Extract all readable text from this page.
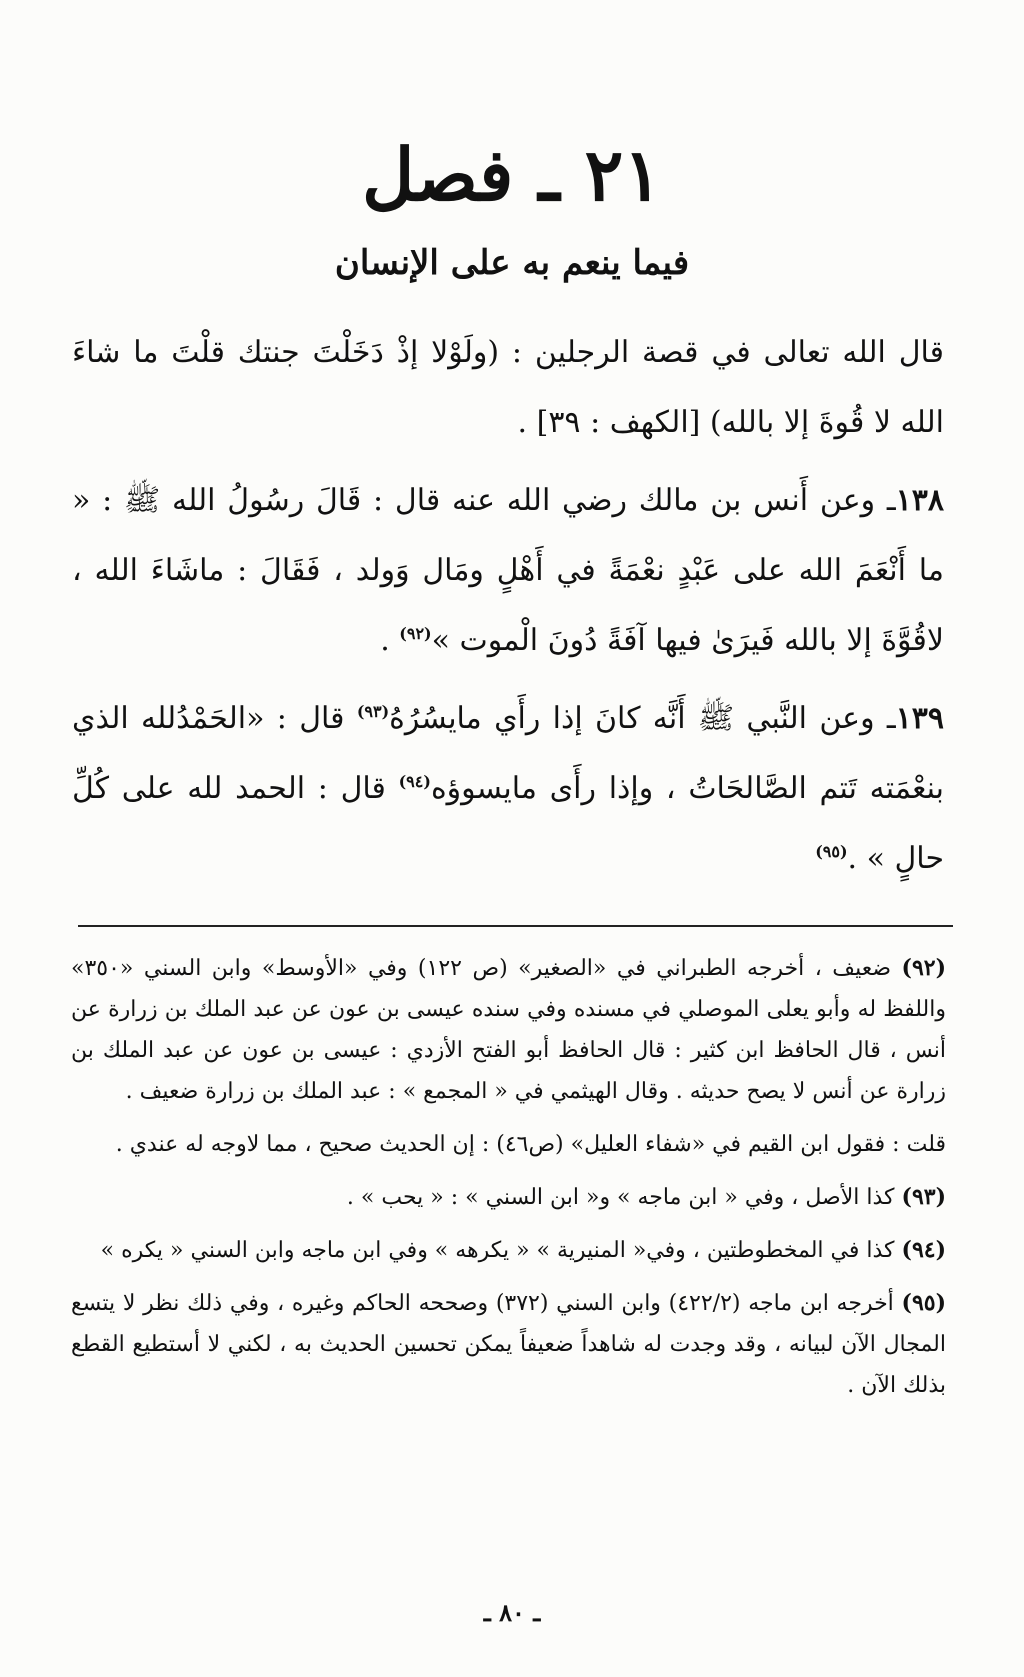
٢١ ـ فصل
فيما ينعم به على الإنسان

قال الله تعالى في قصة الرجلين : (ولَوْلا إذْ دَخَلْتَ جنتك قلْتَ ما شاءَ الله لا قُوةَ إلا بالله) [الكهف : ٣٩] .

١٣٨ـ وعن أَنس بن مالك رضي الله عنه قال : قَالَ رسُولُ الله ﷺ : « ما أَنْعَمَ الله على عَبْدٍ نعْمَةً في أَهْلٍ ومَال وَولد ، فَقَالَ : ماشَاءَ الله ، لاقُوَّةَ إلا بالله فَيرَىٰ فيها آفَةً دُونَ الْموت »$^{(٩٢)}$ .

١٣٩ـ وعن النَّبي ﷺ أَنَّه كانَ إذا رأَي مايسُرُهُ$^{(٩٣)}$ قال : «الحَمْدُلله الذي بنعْمَته تَتم الصَّالحَاتُ ، وإذا رأَى مايسوؤه$^{(٩٤)}$ قال : الحمد لله على كُلِّ حالٍ » .$^{(٩٥)}$

(٩٢) ضعيف ، أخرجه الطبراني في «الصغير» (ص ١٢٢) وفي «الأوسط» وابن السني «٣٥٠» واللفظ له وأبو يعلى الموصلي في مسنده وفي سنده عيسى بن عون عن عبد الملك بن زرارة عن أنس ، قال الحافظ ابن كثير : قال الحافظ أبو الفتح الأزدي : عيسى بن عون عن عبد الملك بن زرارة عن أنس لا يصح حديثه . وقال الهيثمي في « المجمع » : عبد الملك بن زرارة ضعيف .

قلت : فقول ابن القيم في «شفاء العليل» (ص٤٦) : إن الحديث صحيح ، مما لاوجه له عندي .

(٩٣) كذا الأصل ، وفي « ابن ماجه » و« ابن السني » : « يحب » .

(٩٤) كذا في المخطوطتين ، وفي« المنيرية » « يكرهه » وفي ابن ماجه وابن السني « يكره »

(٩٥) أخرجه ابن ماجه (٤٢٢/٢) وابن السني (٣٧٢) وصححه الحاكم وغيره ، وفي ذلك نظر لا يتسع المجال الآن لبيانه ، وقد وجدت له شاهداً ضعيفاً يمكن تحسين الحديث به ، لكني لا أستطيع القطع بذلك الآن .

ـ ٨٠ ـ
